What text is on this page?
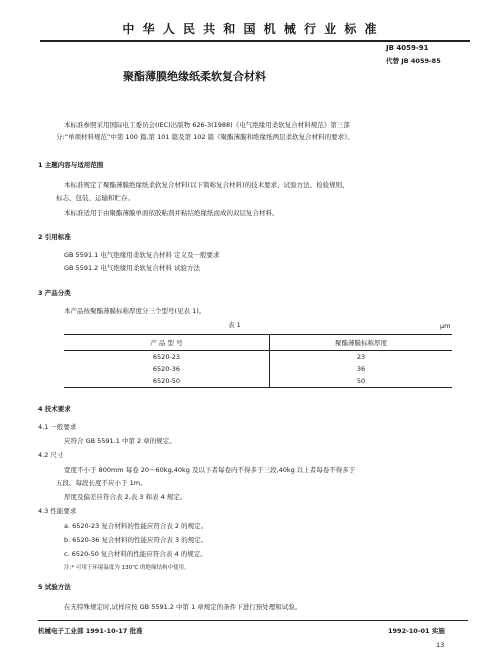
中 华 人 民 共 和 国 机 械 行 业 标 准
JB 4059-91
代替 JB 4059-85
聚酯薄膜绝缘纸柔软复合材料
本标准参照采用国际电工委员会(IEC)出版物 626-3(1988)《电气绝缘用柔软复合材料规范》第三部
分:“单项材料规范”中第 100 篇,第 101 篇及第 102 篇《聚酯薄膜和绝缘纸两层柔软复合材料的要求》。
1 主题内容与适用范围
本标准规定了聚酯薄膜绝缘纸柔软复合材料(以下简称复合材料)的技术要求、试验方法、检验规则、
标志、包装、运输和贮存。
本标准适用于由聚酯薄膜单面依胶粘剂并粘结绝缘纸而成的双层复合材料。
2 引用标准
GB 5591.1 电气绝缘用柔软复合材料 定义及一般要求
GB 5591.2 电气绝缘用柔软复合材料 试验方法
3 产品分类
本产品按聚酯薄膜标称厚度分三个型号(见表 1)。
表 1	μm
产 品 型 号	聚酯薄膜标称厚度
6520-23	23
6520-36	36
6520-50	50
4 技术要求
4.1 一般要求
应符合 GB 5591.1 中第 2 章的规定。
4.2 尺寸
宽度不小于 800mm 每卷 20～60kg,40kg 及以下者每卷内不得多于三段,40kg 以上者每卷不得多于
五段。每段长度不应小于 1m。
厚度及偏差应符合表 2,表 3 和表 4 规定。
4.3 性能要求
a. 6520-23 复合材料的性能应符合表 2 的规定。
b. 6520-36 复合材料的性能应符合表 3 的规定。
c. 6520-50 复合材料的性能应符合表 4 的规定。
注:* 可用于环境温度为 130℃ 的绝缘结构中使用。
5 试验方法
在无特殊规定时,试样应按 GB 5591.2 中第 1 章规定的条件下进行预处理和试验。
机械电子工业部 1991-10-17 批准	1992-10-01 实施
13
